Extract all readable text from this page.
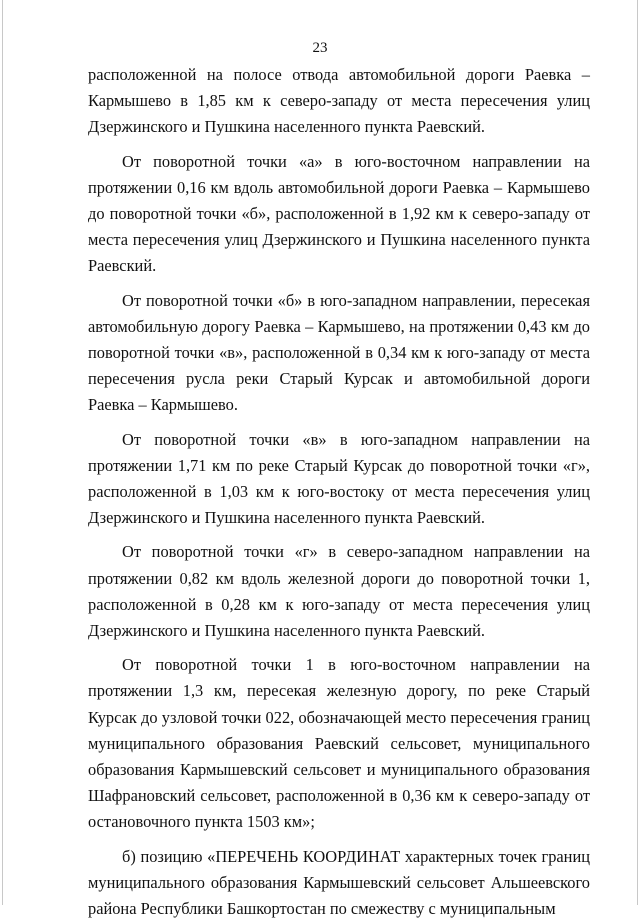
23

расположенной на полосе отвода автомобильной дороги Раевка – Кармышево в 1,85 км к северо-западу от места пересечения улиц Дзержинского и Пушкина населенного пункта Раевский.

От поворотной точки «а» в юго-восточном направлении на протяжении 0,16 км вдоль автомобильной дороги Раевка – Кармышево до поворотной точки «б», расположенной в 1,92 км к северо-западу от места пересечения улиц Дзержинского и Пушкина населенного пункта Раевский.

От поворотной точки «б» в юго-западном направлении, пересекая автомобильную дорогу Раевка – Кармышево, на протяжении 0,43 км до поворотной точки «в», расположенной в 0,34 км к юго-западу от места пересечения русла реки Старый Курсак и автомобильной дороги Раевка – Кармышево.

От поворотной точки «в» в юго-западном направлении на протяжении 1,71 км по реке Старый Курсак до поворотной точки «г», расположенной в 1,03 км к юго-востоку от места пересечения улиц Дзержинского и Пушкина населенного пункта Раевский.

От поворотной точки «г» в северо-западном направлении на протяжении 0,82 км вдоль железной дороги до поворотной точки 1, расположенной в 0,28 км к юго-западу от места пересечения улиц Дзержинского и Пушкина населенного пункта Раевский.

От поворотной точки 1 в юго-восточном направлении на протяжении 1,3 км, пересекая железную дорогу, по реке Старый Курсак до узловой точки 022, обозначающей место пересечения границ муниципального образования Раевский сельсовет, муниципального образования Кармышевский сельсовет и муниципального образования Шафрановский сельсовет, расположенной в 0,36 км к северо-западу от остановочного пункта 1503 км»;

б) позицию «ПЕРЕЧЕНЬ КООРДИНАТ характерных точек границ муниципального образования Кармышевский сельсовет Альшеевского района Республики Башкортостан по смежеству с муниципальным
